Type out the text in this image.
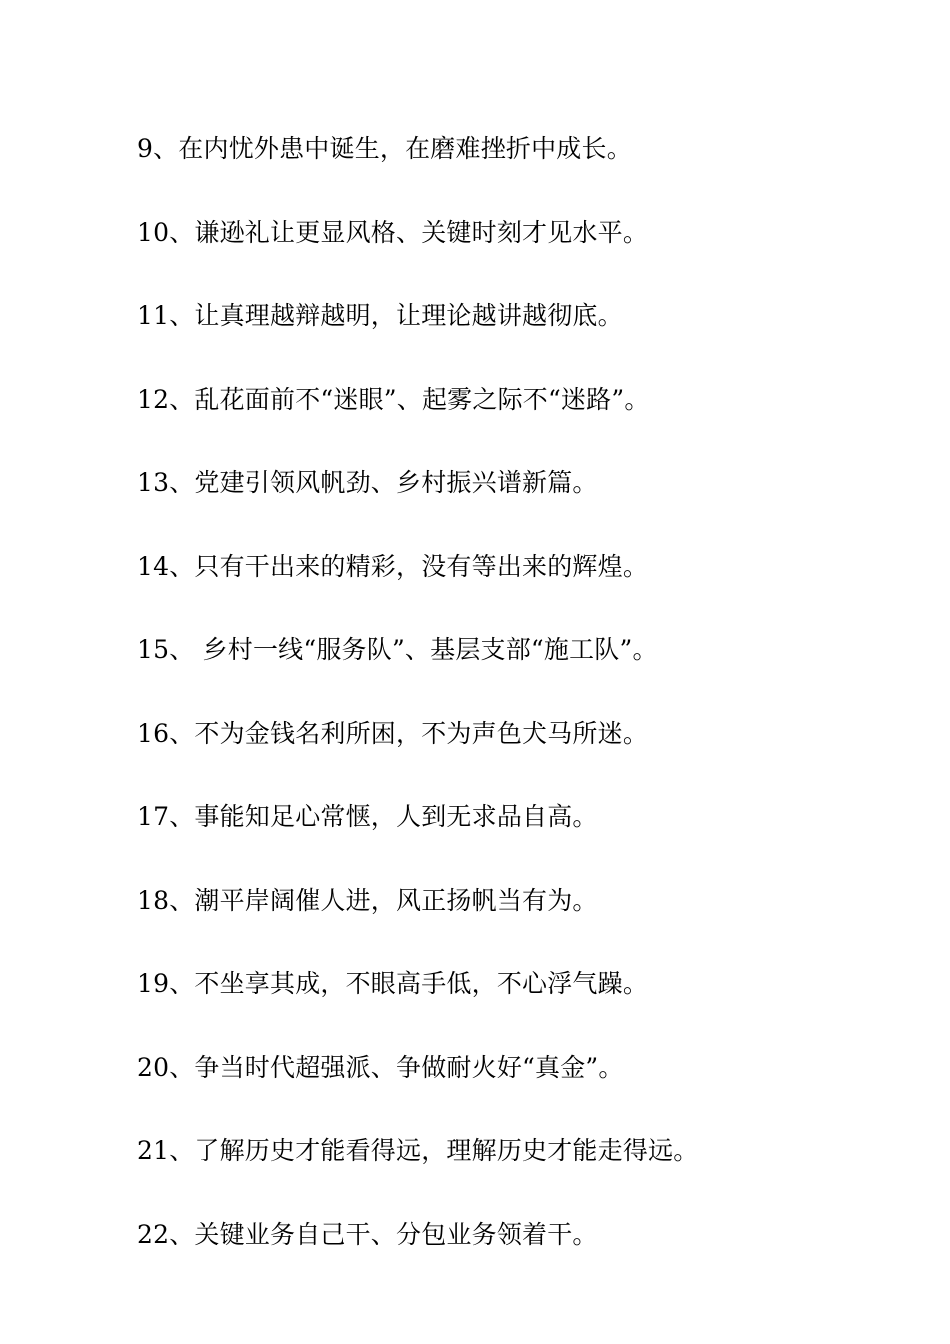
9、在内忧外患中诞生，在磨难挫折中成长。
10、谦逊礼让更显风格、关键时刻才见水平。
11、让真理越辩越明，让理论越讲越彻底。
12、乱花面前不“迷眼”、起雾之际不“迷路”。
13、党建引领风帆劲、乡村振兴谱新篇。
14、只有干出来的精彩，没有等出来的辉煌。
15、 乡村一线“服务队”、基层支部“施工队”。
16、不为金钱名利所困，不为声色犬马所迷。
17、事能知足心常惬，人到无求品自高。
18、潮平岸阔催人进，风正扬帆当有为。
19、不坐享其成，不眼高手低，不心浮气躁。
20、争当时代超强派、争做耐火好“真金”。
21、了解历史才能看得远，理解历史才能走得远。
22、关键业务自己干、分包业务领着干。
